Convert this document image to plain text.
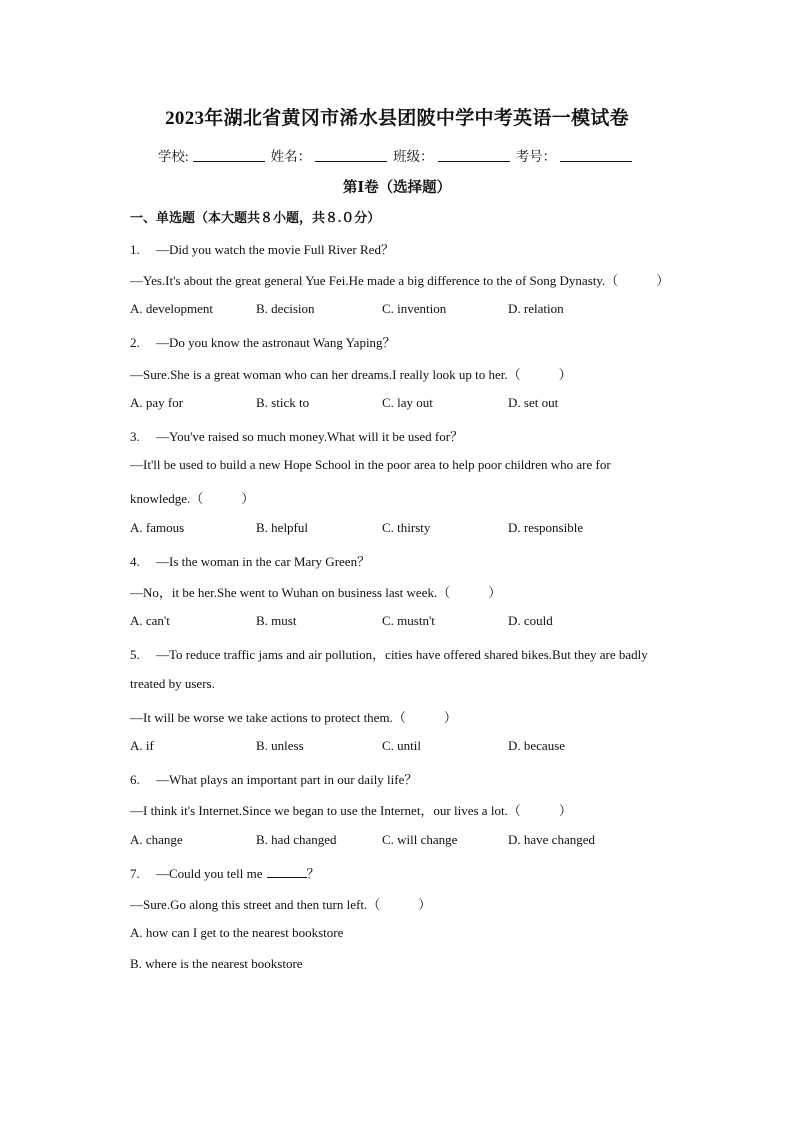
2023年湖北省黄冈市浠水县团陂中学中考英语一模试卷
学校:	姓名：	班级：	考号：
第Ⅰ卷（选择题）
一、单选题（本大题共８小题，共８.０分）
1. —Did you watch the movie Full River Red？
—Yes.It's about the great general Yue Fei.He made a big difference to the of Song Dynasty.（	）
A. development	B. decision	C. invention	D. relation
2. —Do you know the astronaut Wang Yaping？
—Sure.She is a great woman who can her dreams.I really look up to her.（	）
A. pay for	B. stick to	C. lay out	D. set out
3. —You've raised so much money.What will it be used for？
—It'll be used to build a new Hope School in the poor area to help poor children who are for
knowledge.（	）
A. famous	B. helpful	C. thirsty	D. responsible
4. —Is the woman in the car Mary Green？
—No，it be her.She went to Wuhan on business last week.（	）
A. can't	B. must	C. mustn't	D. could
5. —To reduce traffic jams and air pollution，cities have offered shared bikes.But they are badly
treated by users.
—It will be worse we take actions to protect them.（	）
A. if	B. unless	C. until	D. because
6. —What plays an important part in our daily life？
—I think it's Internet.Since we began to use the Internet，our lives a lot.（	）
A. change	B. had changed	C. will change	D. have changed
7. —Could you tell me	？
—Sure.Go along this street and then turn left.（	）
A. how can I get to the nearest bookstore
B. where is the nearest bookstore
